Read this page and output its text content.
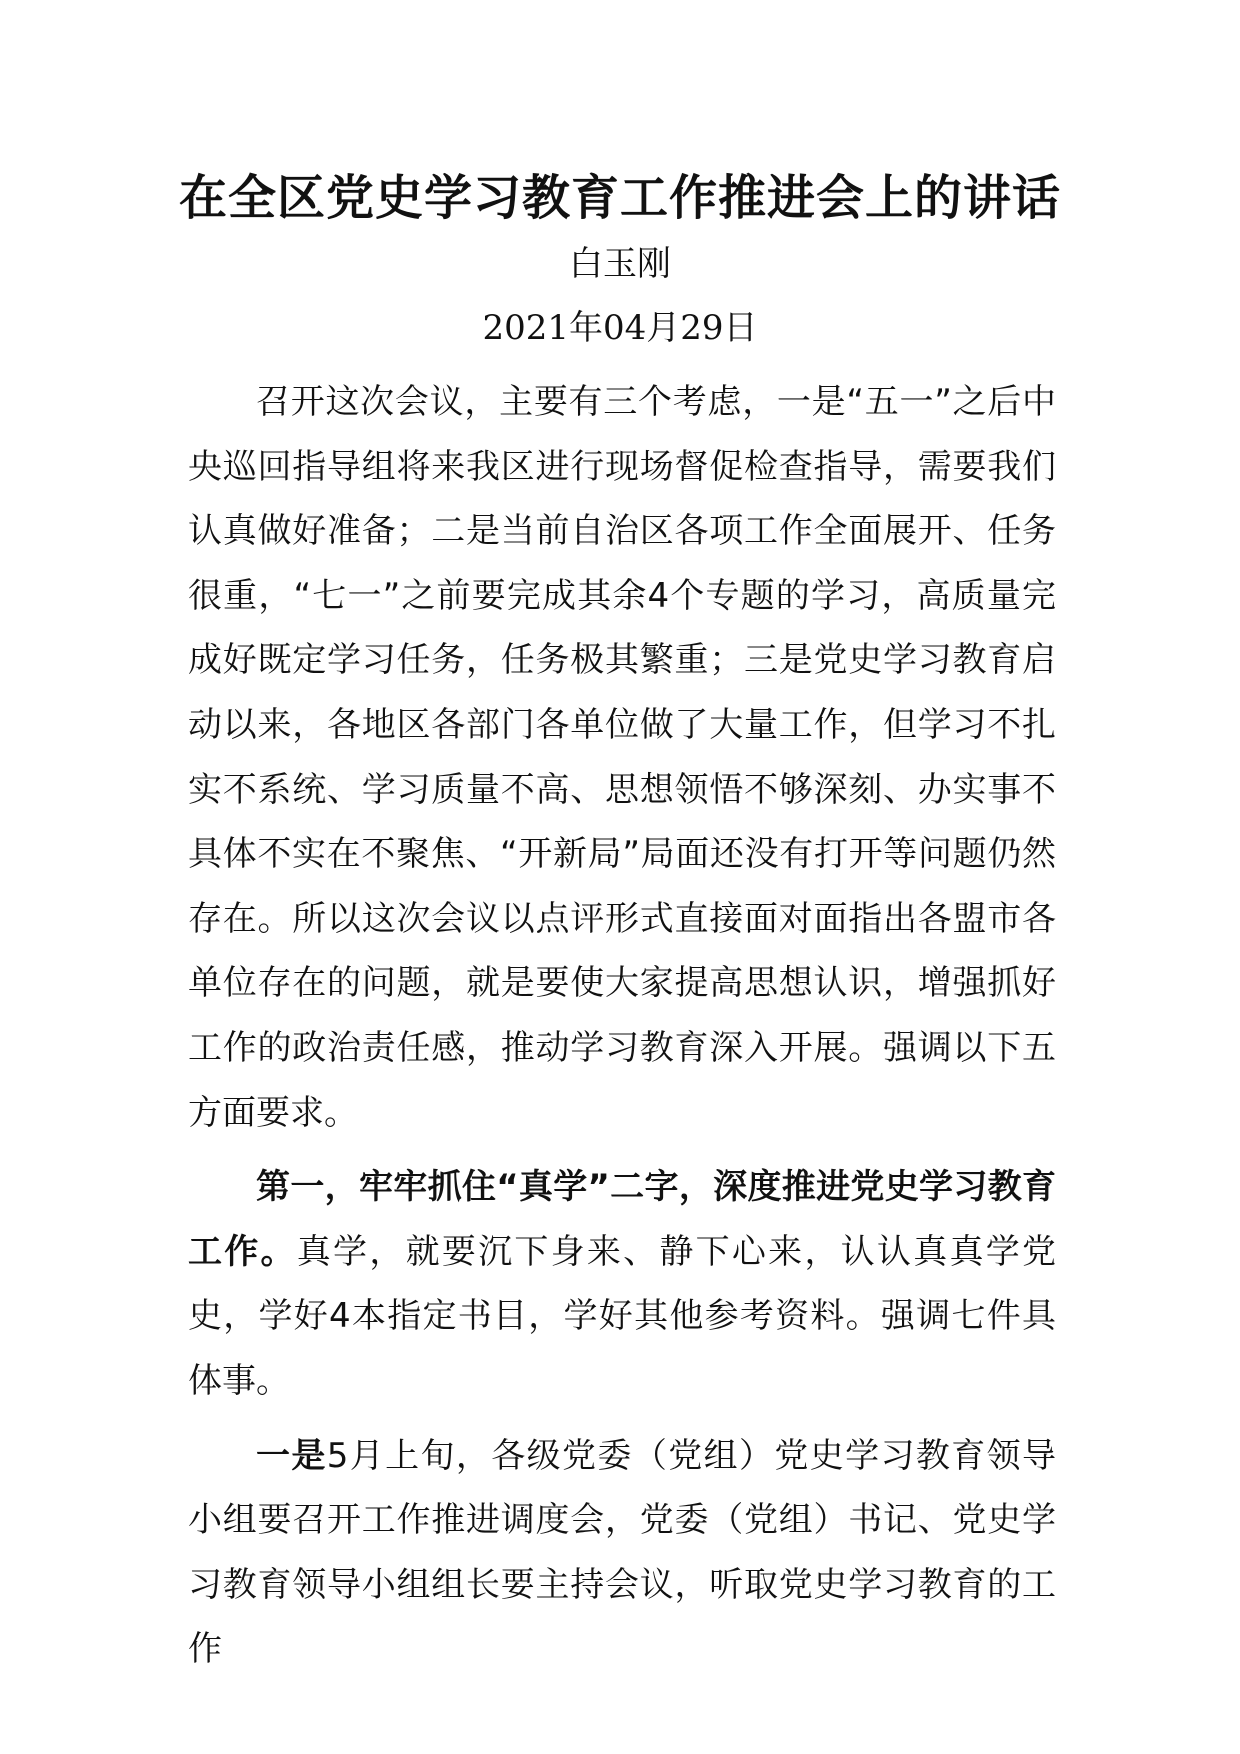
在全区党史学习教育工作推进会上的讲话
白玉刚
2021年04月29日

召开这次会议，主要有三个考虑，一是“五一”之后中央巡回指导组将来我区进行现场督促检查指导，需要我们认真做好准备；二是当前自治区各项工作全面展开、任务很重，“七一”之前要完成其余4个专题的学习，高质量完成好既定学习任务，任务极其繁重；三是党史学习教育启动以来，各地区各部门各单位做了大量工作，但学习不扎实不系统、学习质量不高、思想领悟不够深刻、办实事不具体不实在不聚焦、“开新局”局面还没有打开等问题仍然存在。所以这次会议以点评形式直接面对面指出各盟市各单位存在的问题，就是要使大家提高思想认识，增强抓好工作的政治责任感，推动学习教育深入开展。强调以下五方面要求。

第一，牢牢抓住“真学”二字，深度推进党史学习教育工作。真学，就要沉下身来、静下心来，认认真真学党史，学好4本指定书目，学好其他参考资料。强调七件具体事。

一是5月上旬，各级党委（党组）党史学习教育领导小组要召开工作推进调度会，党委（党组）书记、党史学习教育领导小组组长要主持会议，听取党史学习教育的工作
